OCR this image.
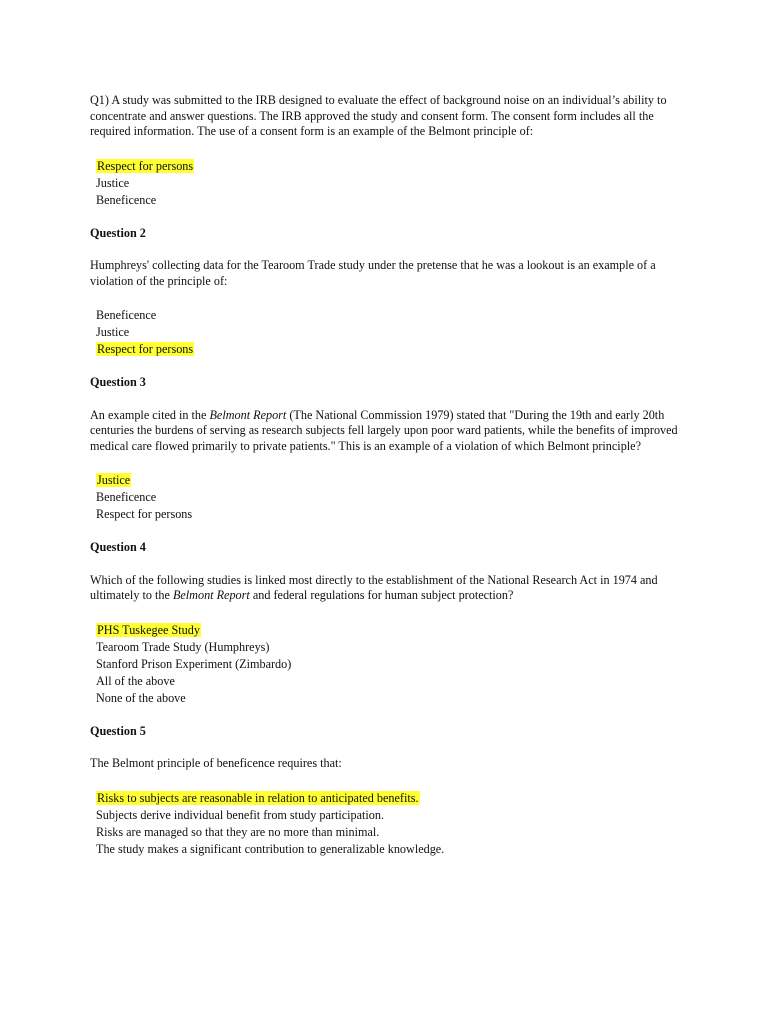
Q1) A study was submitted to the IRB designed to evaluate the effect of background noise on an individual’s ability to concentrate and answer questions. The IRB approved the study and consent form. The consent form includes all the required information. The use of a consent form is an example of the Belmont principle of:

Respect for persons
Justice
Beneficence

Question 2

Humphreys' collecting data for the Tearoom Trade study under the pretense that he was a lookout is an example of a violation of the principle of:

Beneficence
Justice
Respect for persons

Question 3

An example cited in the Belmont Report (The National Commission 1979) stated that "During the 19th and early 20th centuries the burdens of serving as research subjects fell largely upon poor ward patients, while the benefits of improved medical care flowed primarily to private patients." This is an example of a violation of which Belmont principle?

Justice
Beneficence
Respect for persons

Question 4

Which of the following studies is linked most directly to the establishment of the National Research Act in 1974 and ultimately to the Belmont Report and federal regulations for human subject protection?

PHS Tuskegee Study
Tearoom Trade Study (Humphreys)
Stanford Prison Experiment (Zimbardo)
All of the above
None of the above

Question 5

The Belmont principle of beneficence requires that:

Risks to subjects are reasonable in relation to anticipated benefits.
Subjects derive individual benefit from study participation.
Risks are managed so that they are no more than minimal.
The study makes a significant contribution to generalizable knowledge.
